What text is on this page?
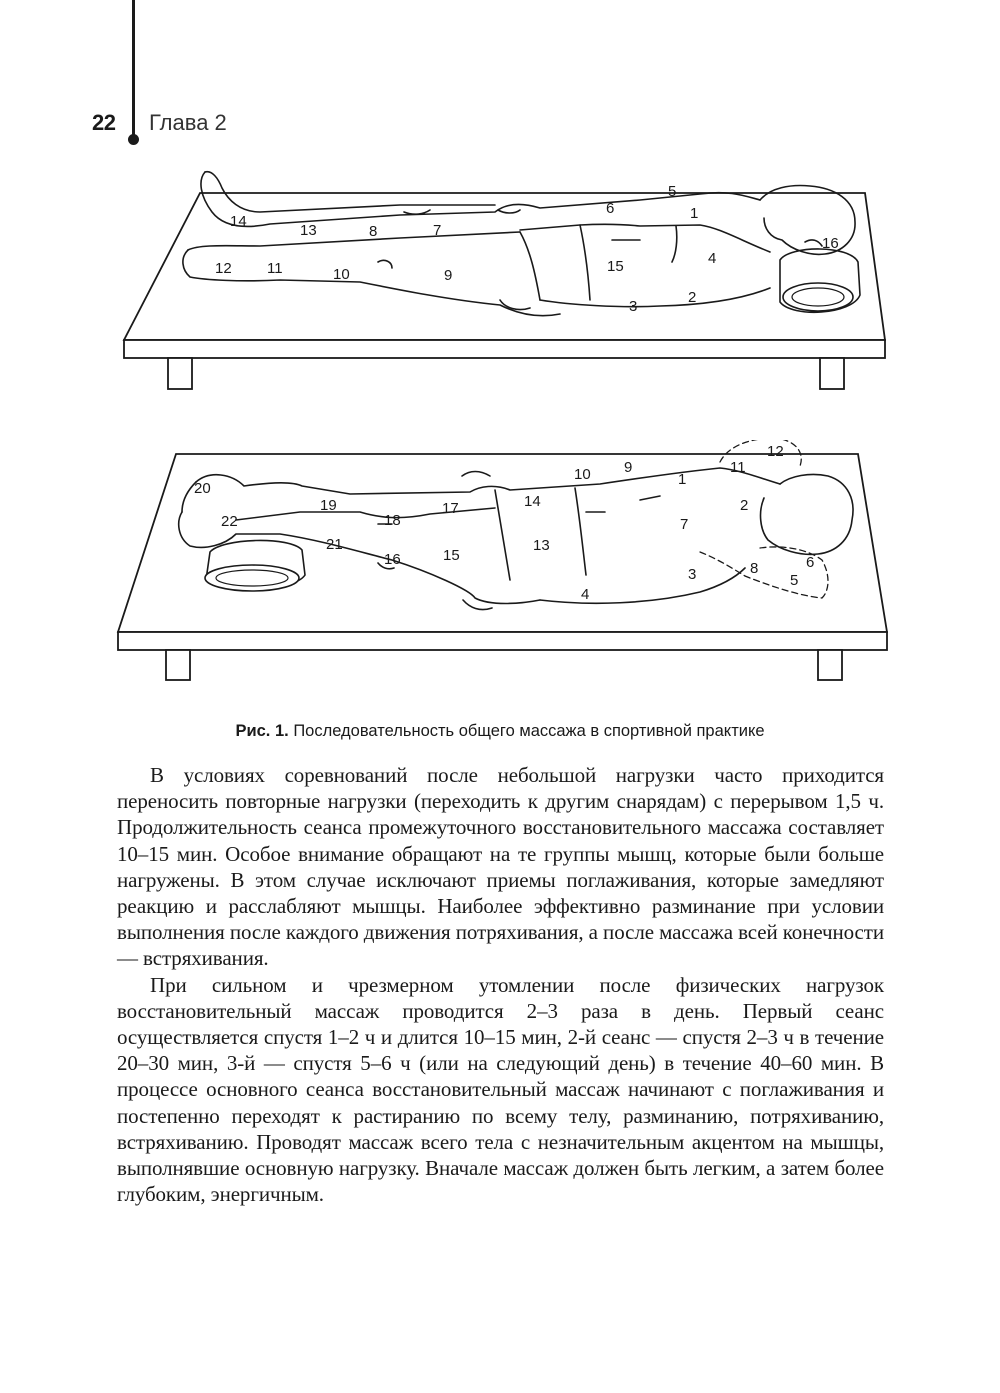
22 Глава 2
1
2
3
4
5
6
7
8
9
10
11
12
13
14
15
16
1
2
3
4
5
6
7
8
9
10	11
12
13
14
15
16
17
18
19
20
21
22
Рис. 1. Последовательность общего массажа в спортивной практике

В условиях соревнований после небольшой нагрузки часто приходится переносить повторные нагрузки (переходить к другим снарядам) с перерывом 1,5 ч. Продолжительность сеанса промежуточного восстановительного массажа составляет 10–15 мин. Особое внимание обращают на те группы мышц, которые были больше нагружены. В этом случае исключают приемы поглаживания, которые замедляют реакцию и расслабляют мышцы. Наиболее эффективно разминание при условии выполнения после каждого движения потряхивания, а после массажа всей конечности — встряхивания.

При сильном и чрезмерном утомлении после физических нагрузок восстановительный массаж проводится 2–3 раза в день. Первый сеанс осуществляется спустя 1–2 ч и длится 10–15 мин, 2-й сеанс — спустя 2–3 ч в течение 20–30 мин, 3-й — спустя 5–6 ч (или на следующий день) в течение 40–60 мин. В процессе основного сеанса восстановительный массаж начинают с поглаживания и постепенно переходят к растиранию по всему телу, разминанию, потряхиванию, встряхиванию. Проводят массаж всего тела с незначительным акцентом на мышцы, выполнявшие основную нагрузку. Вначале массаж должен быть легким, а затем более глубоким, энергичным.
